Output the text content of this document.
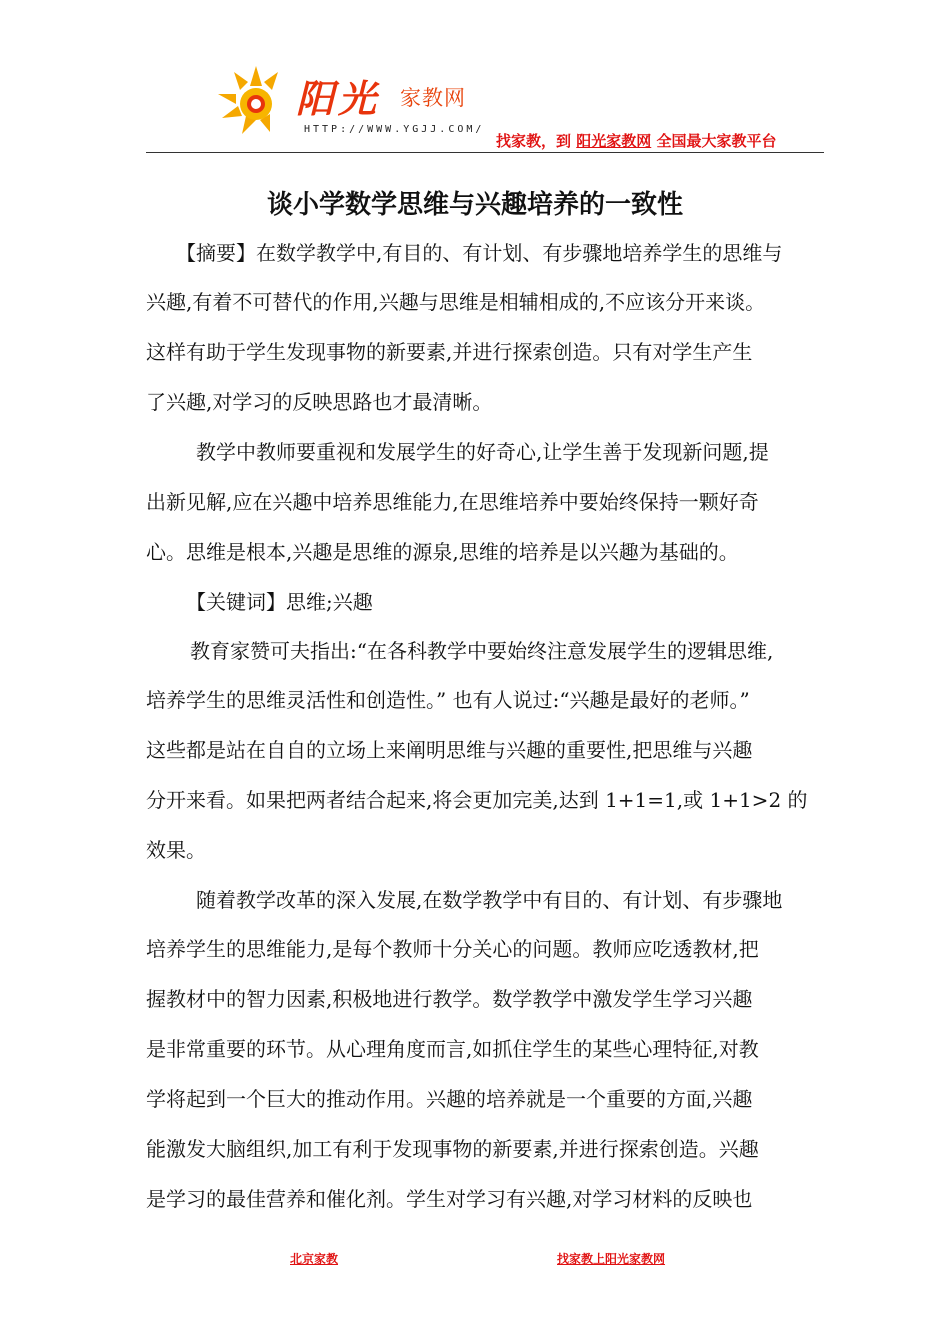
阳光 家教网
HTTP://WWW.YGJJ.COM/
找家教，到 阳光家教网 全国最大家教平台
谈小学数学思维与兴趣培养的一致性
【摘要】在数学教学中,有目的、有计划、有步骤地培养学生的思维与
兴趣,有着不可替代的作用,兴趣与思维是相辅相成的,不应该分开来谈。
这样有助于学生发现事物的新要素,并进行探索创造。只有对学生产生
了兴趣,对学习的反映思路也才最清晰。
教学中教师要重视和发展学生的好奇心,让学生善于发现新问题,提
出新见解,应在兴趣中培养思维能力,在思维培养中要始终保持一颗好奇
心。思维是根本,兴趣是思维的源泉,思维的培养是以兴趣为基础的。
【关键词】思维;兴趣
教育家赞可夫指出:“在各科教学中要始终注意发展学生的逻辑思维,
培养学生的思维灵活性和创造性。” 也有人说过:“兴趣是最好的老师。”
这些都是站在自自的立场上来阐明思维与兴趣的重要性,把思维与兴趣
分开来看。如果把两者结合起来,将会更加完美,达到 1+1=1,或 1+1>2 的
效果。
随着教学改革的深入发展,在数学教学中有目的、有计划、有步骤地
培养学生的思维能力,是每个教师十分关心的问题。教师应吃透教材,把
握教材中的智力因素,积极地进行教学。数学教学中激发学生学习兴趣
是非常重要的环节。从心理角度而言,如抓住学生的某些心理特征,对教
学将起到一个巨大的推动作用。兴趣的培养就是一个重要的方面,兴趣
能激发大脑组织,加工有利于发现事物的新要素,并进行探索创造。兴趣
是学习的最佳营养和催化剂。学生对学习有兴趣,对学习材料的反映也
北京家教	找家教上阳光家教网
